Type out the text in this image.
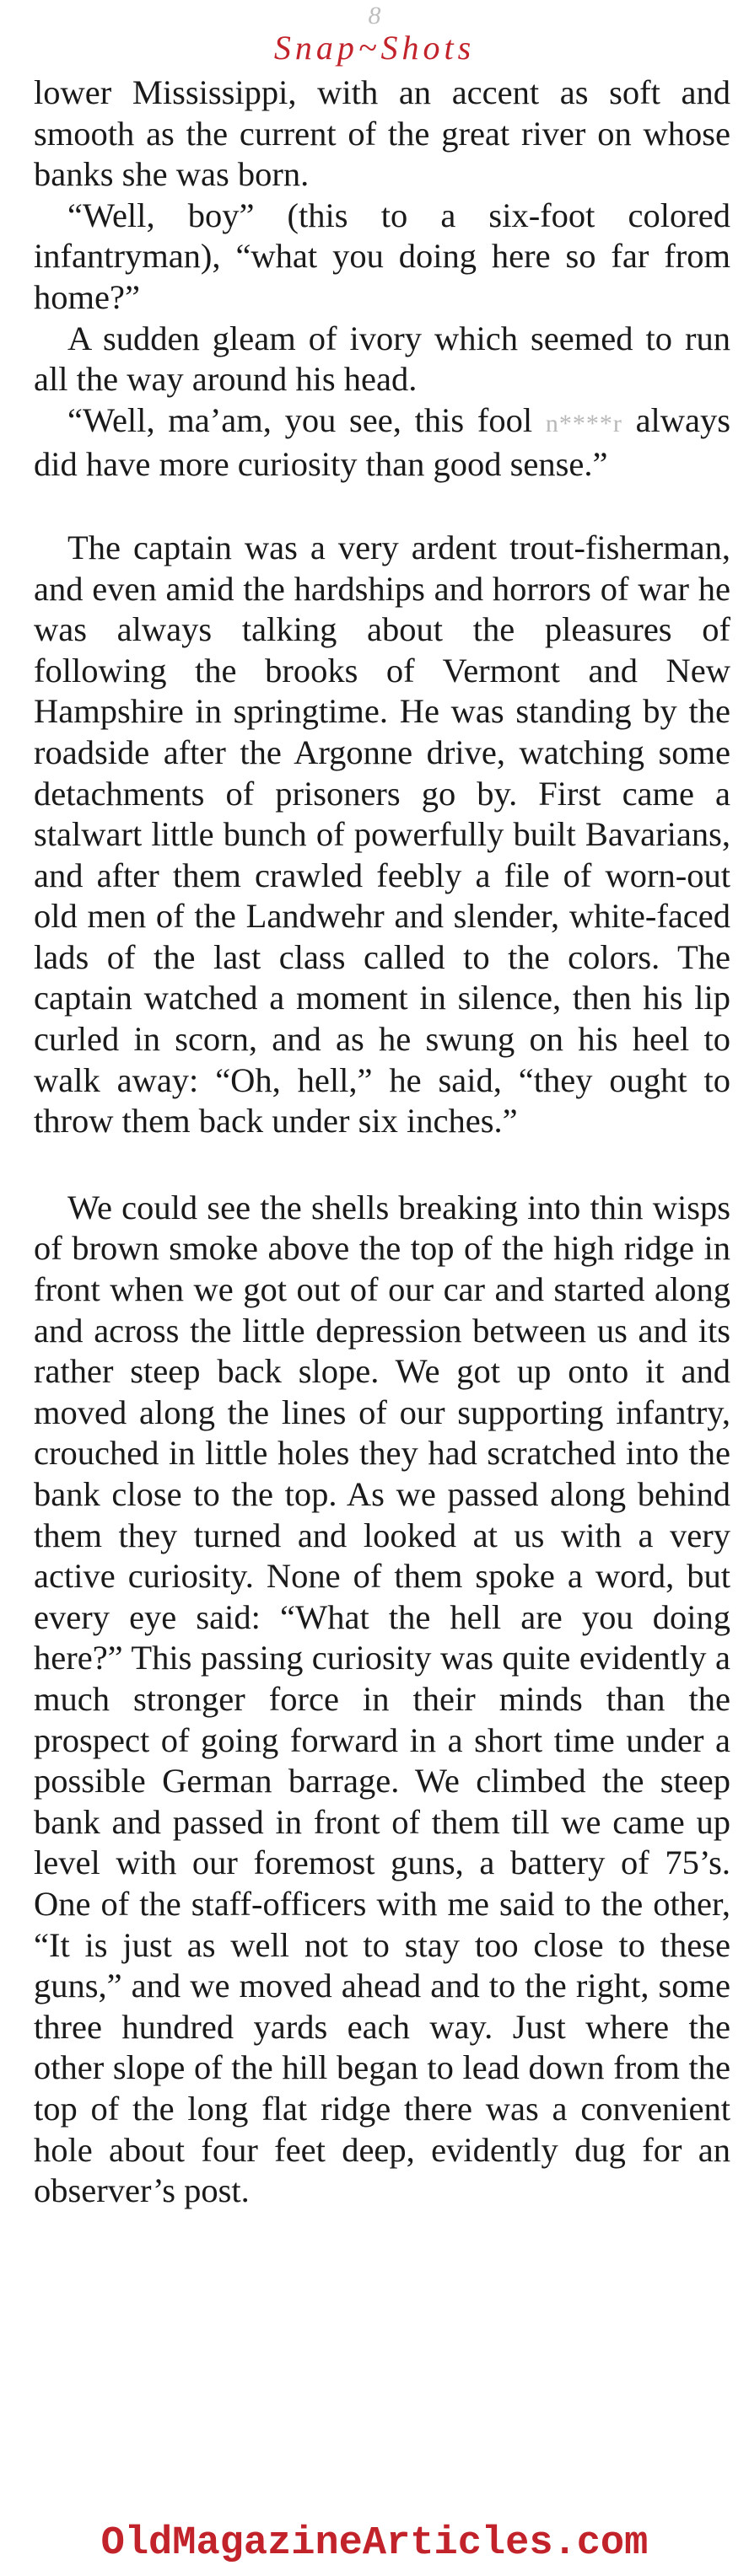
8
Snap~Shots

lower Mississippi, with an accent as soft and smooth as the current of the great river on whose banks she was born.

“Well, boy” (this to a six-foot colored infantryman), “what you doing here so far from home?”

A sudden gleam of ivory which seemed to run all the way around his head.

“Well, ma’am, you see, this fool n****r always did have more curiosity than good sense.”

The captain was a very ardent trout-fisherman, and even amid the hardships and horrors of war he was always talking about the pleasures of following the brooks of Vermont and New Hampshire in springtime. He was standing by the roadside after the Argonne drive, watching some detachments of prisoners go by. First came a stalwart little bunch of powerfully built Bavarians, and after them crawled feebly a file of worn-out old men of the Landwehr and slender, white-faced lads of the last class called to the colors. The captain watched a moment in silence, then his lip curled in scorn, and as he swung on his heel to walk away: “Oh, hell,” he said, “they ought to throw them back under six inches.”

We could see the shells breaking into thin wisps of brown smoke above the top of the high ridge in front when we got out of our car and started along and across the little depression between us and its rather steep back slope. We got up onto it and moved along the lines of our supporting infantry, crouched in little holes they had scratched into the bank close to the top. As we passed along behind them they turned and looked at us with a very active curiosity. None of them spoke a word, but every eye said: “What the hell are you doing here?” This passing curiosity was quite evidently a much stronger force in their minds than the prospect of going forward in a short time under a possible German barrage. We climbed the steep bank and passed in front of them till we came up level with our foremost guns, a battery of 75’s. One of the staff-officers with me said to the other, “It is just as well not to stay too close to these guns,” and we moved ahead and to the right, some three hundred yards each way. Just where the other slope of the hill began to lead down from the top of the long flat ridge there was a convenient hole about four feet deep, evidently dug for an observer’s post.

OldMagazineArticles.com
